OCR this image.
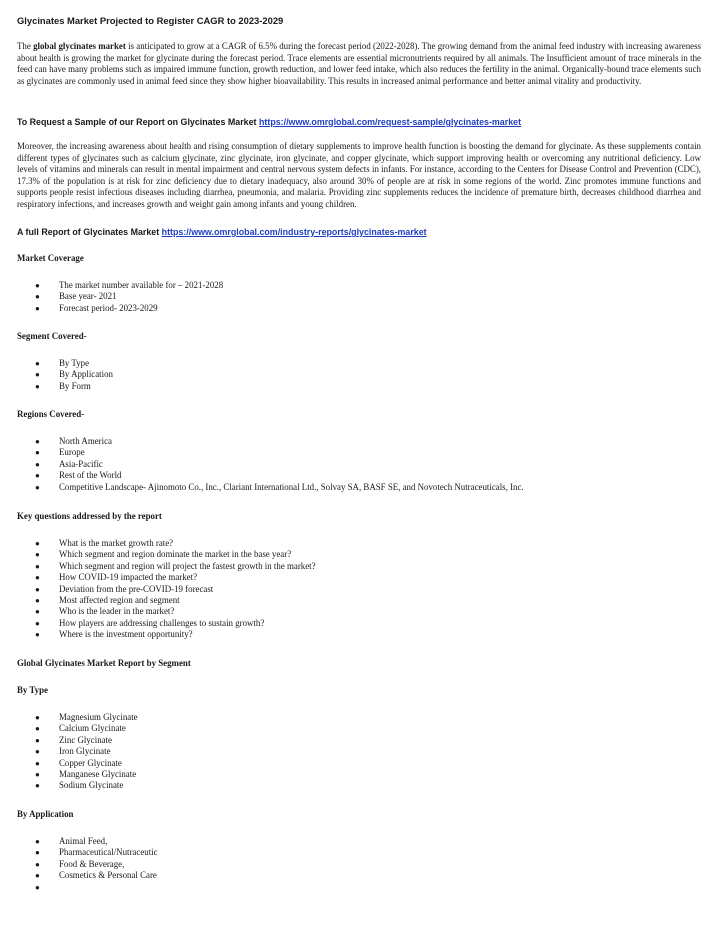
Glycinates Market Projected to Register CAGR to 2023-2029

The global glycinates market is anticipated to grow at a CAGR of 6.5% during the forecast period (2022-2028). The growing demand from the animal feed industry with increasing awareness about health is growing the market for glycinate during the forecast period. Trace elements are essential micronutrients required by all animals. The Insufficient amount of trace minerals in the feed can have many problems such as impaired immune function, growth reduction, and lower feed intake, which also reduces the fertility in the animal. Organically-bound trace elements such as glycinates are commonly used in animal feed since they show higher bioavailability. This results in increased animal performance and better animal vitality and productivity.

To Request a Sample of our Report on Glycinates Market https://www.omrglobal.com/request-sample/glycinates-market

Moreover, the increasing awareness about health and rising consumption of dietary supplements to improve health function is boosting the demand for glycinate. As these supplements contain different types of glycinates such as calcium glycinate, zinc glycinate, iron glycinate, and copper glycinate, which support improving health or overcoming any nutritional deficiency. Low levels of vitamins and minerals can result in mental impairment and central nervous system defects in infants. For instance, according to the Centers for Disease Control and Prevention (CDC), 17.3% of the population is at risk for zinc deficiency due to dietary inadequacy, also around 30% of people are at risk in some regions of the world. Zinc promotes immune functions and supports people resist infectious diseases including diarrhea, pneumonia, and malaria. Providing zinc supplements reduces the incidence of premature birth, decreases childhood diarrhea and respiratory infections, and increases growth and weight gain among infants and young children.

A full Report of Glycinates Market https://www.omrglobal.com/industry-reports/glycinates-market
Market Coverage
● The market number available for – 2021-2028
● Base year- 2021
● Forecast period- 2023-2029
Segment Covered-
● By Type
● By Application
● By Form
Regions Covered-
● North America
● Europe
● Asia-Pacific
● Rest of the World
● Competitive Landscape- Ajinomoto Co., Inc., Clariant International Ltd., Solvay SA, BASF SE, and Novotech Nutraceuticals, Inc.
Key questions addressed by the report
● What is the market growth rate?
● Which segment and region dominate the market in the base year?
● Which segment and region will project the fastest growth in the market?
● How COVID-19 impacted the market?
● Deviation from the pre-COVID-19 forecast
● Most affected region and segment
● Who is the leader in the market?
● How players are addressing challenges to sustain growth?
● Where is the investment opportunity?
Global Glycinates Market Report by Segment
By Type
● Magnesium Glycinate
● Calcium Glycinate
● Zinc Glycinate
● Iron Glycinate
● Copper Glycinate
● Manganese Glycinate
● Sodium Glycinate
By Application
● Animal Feed,
● Pharmaceutical/Nutraceutic
● Food & Beverage,
● Cosmetics & Personal Care
●
